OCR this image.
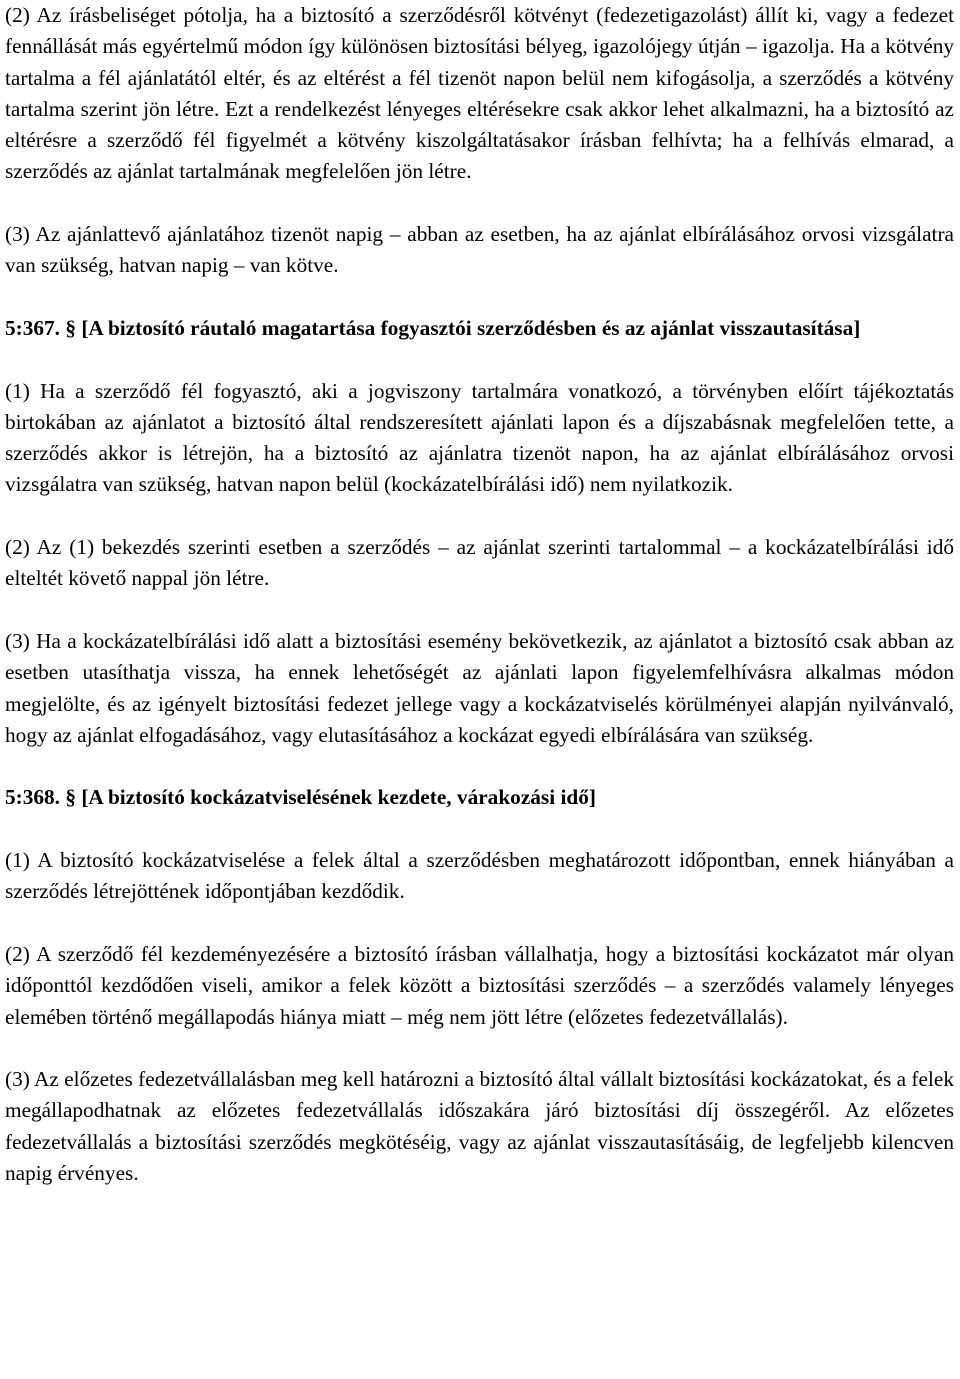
(2) Az írásbeliséget pótolja, ha a biztosító a szerződésről kötvényt (fedezetigazolást) állít ki, vagy a fedezet fennállását más egyértelmű módon így különösen biztosítási bélyeg, igazolójegy útján – igazolja. Ha a kötvény tartalma a fél ajánlatától eltér, és az eltérést a fél tizenöt napon belül nem kifogásolja, a szerződés a kötvény tartalma szerint jön létre. Ezt a rendelkezést lényeges eltérésekre csak akkor lehet alkalmazni, ha a biztosító az eltérésre a szerződő fél figyelmét a kötvény kiszolgáltatásakor írásban felhívta; ha a felhívás elmarad, a szerződés az ajánlat tartalmának megfelelően jön létre.

(3) Az ajánlattevő ajánlatához tizenöt napig – abban az esetben, ha az ajánlat elbírálásához orvosi vizsgálatra van szükség, hatvan napig – van kötve.

5:367. § [A biztosító ráutaló magatartása fogyasztói szerződésben és az ajánlat visszautasítása]

(1) Ha a szerződő fél fogyasztó, aki a jogviszony tartalmára vonatkozó, a törvényben előírt tájékoztatás birtokában az ajánlatot a biztosító által rendszeresített ajánlati lapon és a díjszabásnak megfelelően tette, a szerződés akkor is létrejön, ha a biztosító az ajánlatra tizenöt napon, ha az ajánlat elbírálásához orvosi vizsgálatra van szükség, hatvan napon belül (kockázatelbírálási idő) nem nyilatkozik.

(2) Az (1) bekezdés szerinti esetben a szerződés – az ajánlat szerinti tartalommal – a kockázatelbírálási idő elteltét követő nappal jön létre.

(3) Ha a kockázatelbírálási idő alatt a biztosítási esemény bekövetkezik, az ajánlatot a biztosító csak abban az esetben utasíthatja vissza, ha ennek lehetőségét az ajánlati lapon figyelemfelhívásra alkalmas módon megjelölte, és az igényelt biztosítási fedezet jellege vagy a kockázatviselés körülményei alapján nyilvánvaló, hogy az ajánlat elfogadásához, vagy elutasításához a kockázat egyedi elbírálására van szükség.

5:368. § [A biztosító kockázatviselésének kezdete, várakozási idő]

(1) A biztosító kockázatviselése a felek által a szerződésben meghatározott időpontban, ennek hiányában a szerződés létrejöttének időpontjában kezdődik.

(2) A szerződő fél kezdeményezésére a biztosító írásban vállalhatja, hogy a biztosítási kockázatot már olyan időponttól kezdődően viseli, amikor a felek között a biztosítási szerződés – a szerződés valamely lényeges elemében történő megállapodás hiánya miatt – még nem jött létre (előzetes fedezetvállalás).

(3) Az előzetes fedezetvállalásban meg kell határozni a biztosító által vállalt biztosítási kockázatokat, és a felek megállapodhatnak az előzetes fedezetvállalás időszakára járó biztosítási díj összegéről. Az előzetes fedezetvállalás a biztosítási szerződés megkötéséig, vagy az ajánlat visszautasításáig, de legfeljebb kilencven napig érvényes.
